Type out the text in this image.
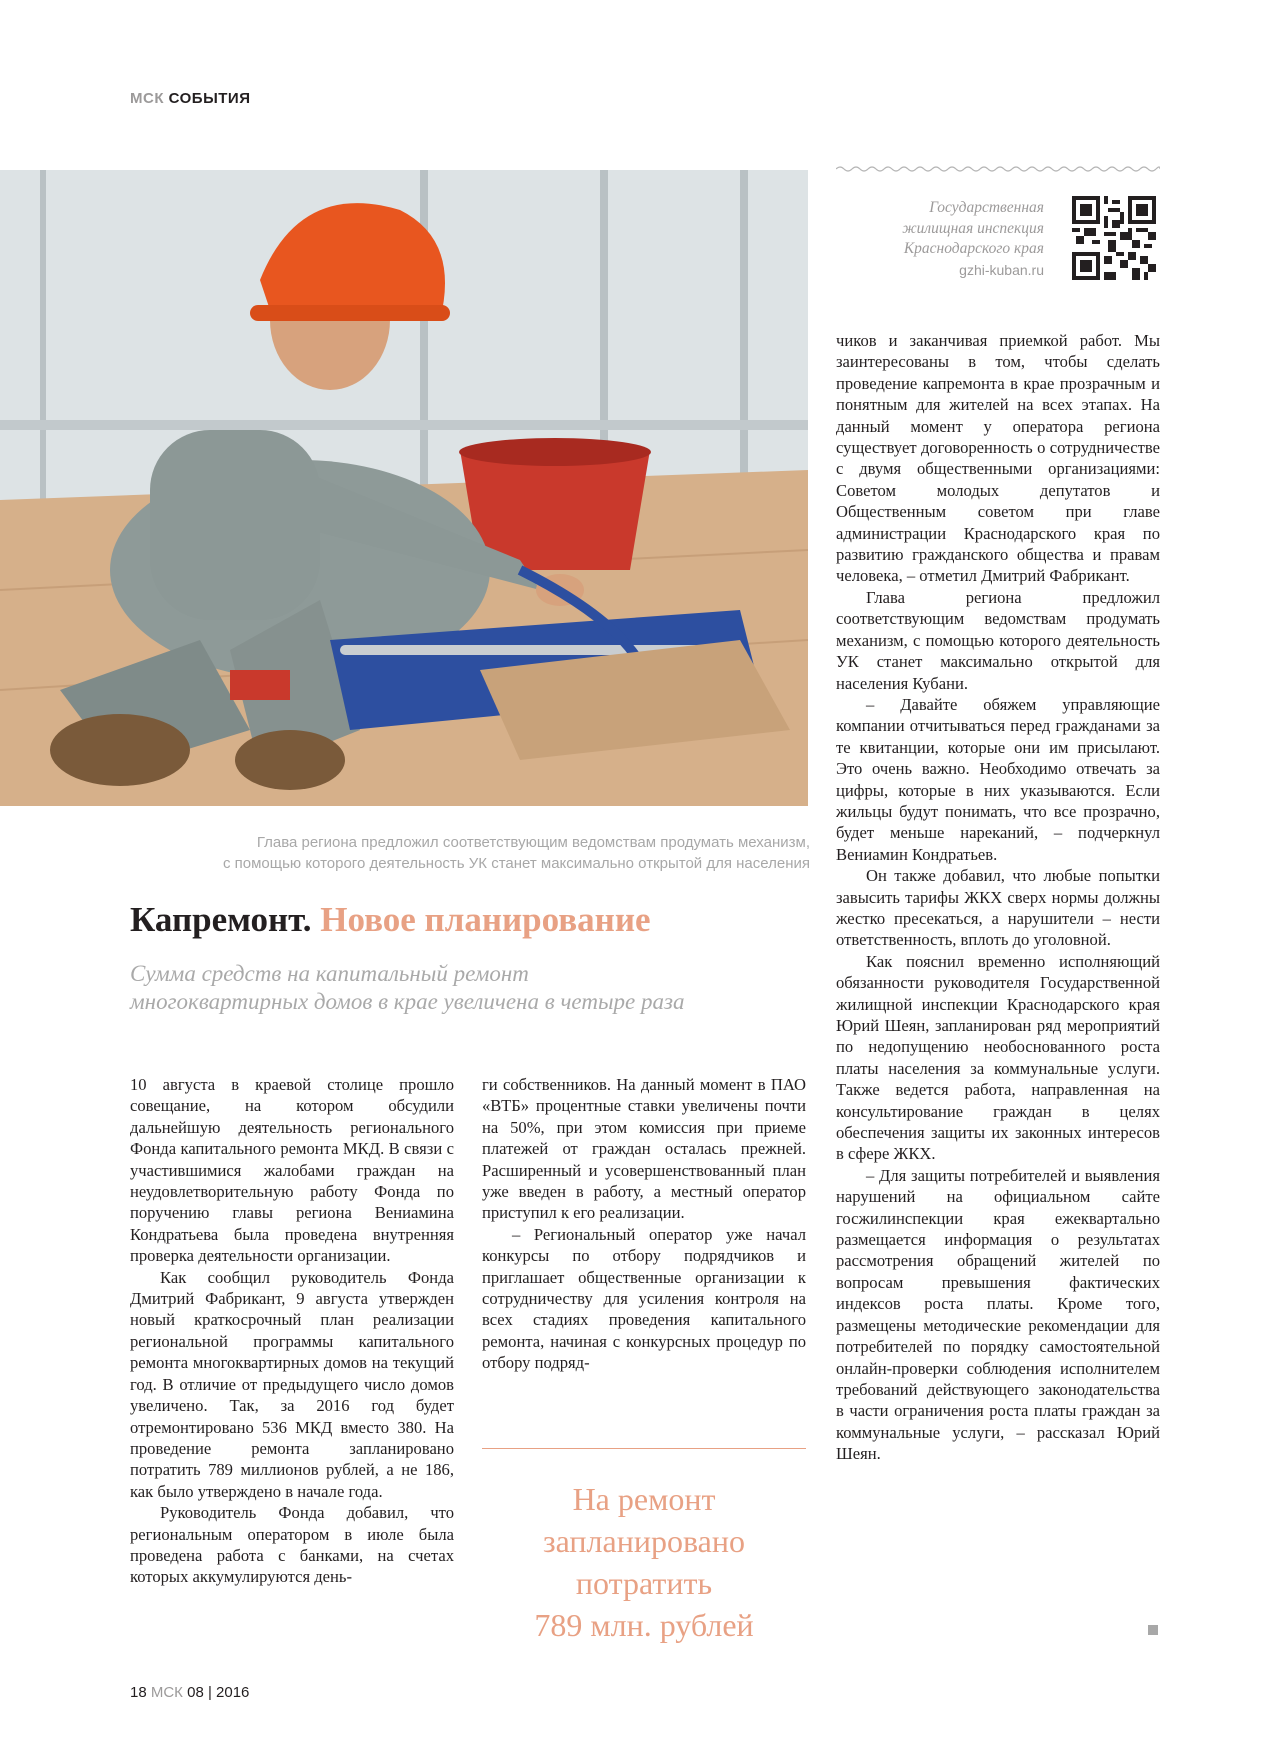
МСК СОБЫТИЯ
Глава региона предложил соответствующим ведомствам продумать механизм,
с помощью которого деятельность УК станет максимально открытой для населения
Капремонт. Новое планирование
Сумма средств на капитальный ремонт многоквартирных домов в крае увеличена в четыре раза

10 августа в краевой столице прошло совещание, на котором обсудили дальнейшую деятельность регионального Фонда капитального ремонта МКД. В связи с участившимися жалобами граждан на неудовлетворительную работу Фонда по поручению главы региона Вениамина Кондратьева была проведена внутренняя проверка деятельности организации.

Как сообщил руководитель Фонда Дмитрий Фабрикант, 9 августа утвержден новый краткосрочный план реализации региональной программы капитального ремонта многоквартирных домов на текущий год. В отличие от предыдущего число домов увеличено. Так, за 2016 год будет отремонтировано 536 МКД вместо 380. На проведение ремонта запланировано потратить 789 миллионов рублей, а не 186, как было утверждено в начале года.

Руководитель Фонда добавил, что региональным оператором в июле была проведена работа с банками, на счетах которых аккумулируются день-

ги собственников. На данный момент в ПАО «ВТБ» процентные ставки увеличены почти на 50%, при этом комиссия при приеме платежей от граждан осталась прежней. Расширенный и усовершенствованный план уже введен в работу, а местный оператор приступил к его реализации.

– Региональный оператор уже начал конкурсы по отбору подрядчиков и приглашает общественные организации к сотрудничеству для усиления контроля на всех стадиях проведения капитального ремонта, начиная с конкурсных процедур по отбору подряд-

На ремонт
запланировано
потратить
789 млн. рублей
Государственная
жилищная инспекция
Краснодарского края
gzhi-kuban.ru

чиков и заканчивая приемкой работ. Мы заинтересованы в том, чтобы сделать проведение капремонта в крае прозрачным и понятным для жителей на всех этапах. На данный момент у оператора региона существует договоренность о сотрудничестве с двумя общественными организациями: Советом молодых депутатов и Общественным советом при главе администрации Краснодарского края по развитию гражданского общества и правам человека, – отметил Дмитрий Фабрикант.

Глава региона предложил соответствующим ведомствам продумать механизм, с помощью которого деятельность УК станет максимально открытой для населения Кубани.

– Давайте обяжем управляющие компании отчитываться перед гражданами за те квитанции, которые они им присылают. Это очень важно. Необходимо отвечать за цифры, которые в них указываются. Если жильцы будут понимать, что все прозрачно, будет меньше нареканий, – подчеркнул Вениамин Кондратьев.

Он также добавил, что любые попытки завысить тарифы ЖКХ сверх нормы должны жестко пресекаться, а нарушители – нести ответственность, вплоть до уголовной.

Как пояснил временно исполняющий обязанности руководителя Государственной жилищной инспекции Краснодарского края Юрий Шеян, запланирован ряд мероприятий по недопущению необоснованного роста платы населения за коммунальные услуги. Также ведется работа, направленная на консультирование граждан в целях обеспечения защиты их законных интересов в сфере ЖКХ.

– Для защиты потребителей и выявления нарушений на официальном сайте госжилинспекции края ежеквартально размещается информация о результатах рассмотрения обращений жителей по вопросам превышения фактических индексов роста платы. Кроме того, размещены методические рекомендации для потребителей по порядку самостоятельной онлайн-проверки соблюдения исполнителем требований действующего законодательства в части ограничения роста платы граждан за коммунальные услуги, – рассказал Юрий Шеян.

18 МСК 08 | 2016
